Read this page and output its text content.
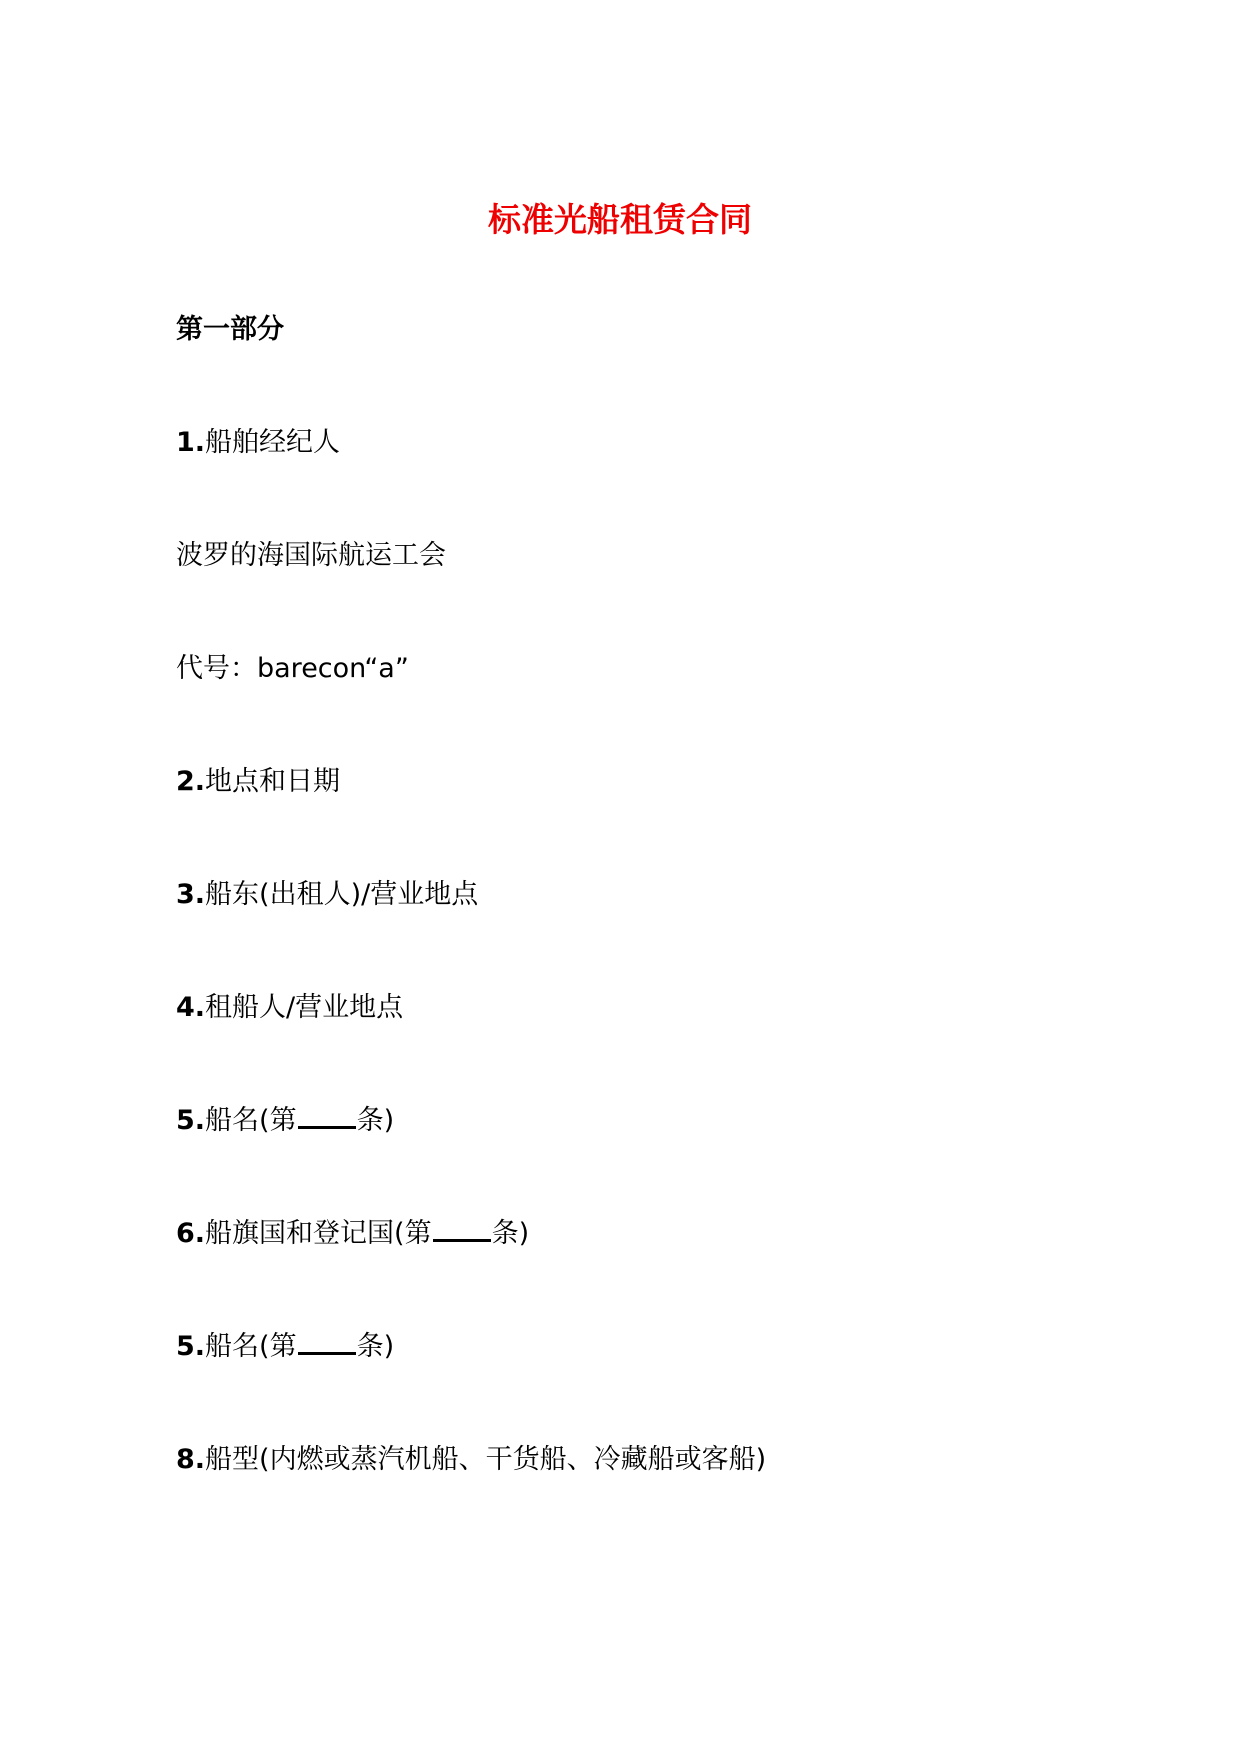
标准光船租赁合同
第一部分
1.船舶经纪人
波罗的海国际航运工会
代号：barecon“a”
2.地点和日期
3.船东(出租人)/营业地点
4.租船人/营业地点
5.船名(第 条)
6.船旗国和登记国(第 条)
5.船名(第 条)
8.船型(内燃或蒸汽机船、干货船、冷藏船或客船)
